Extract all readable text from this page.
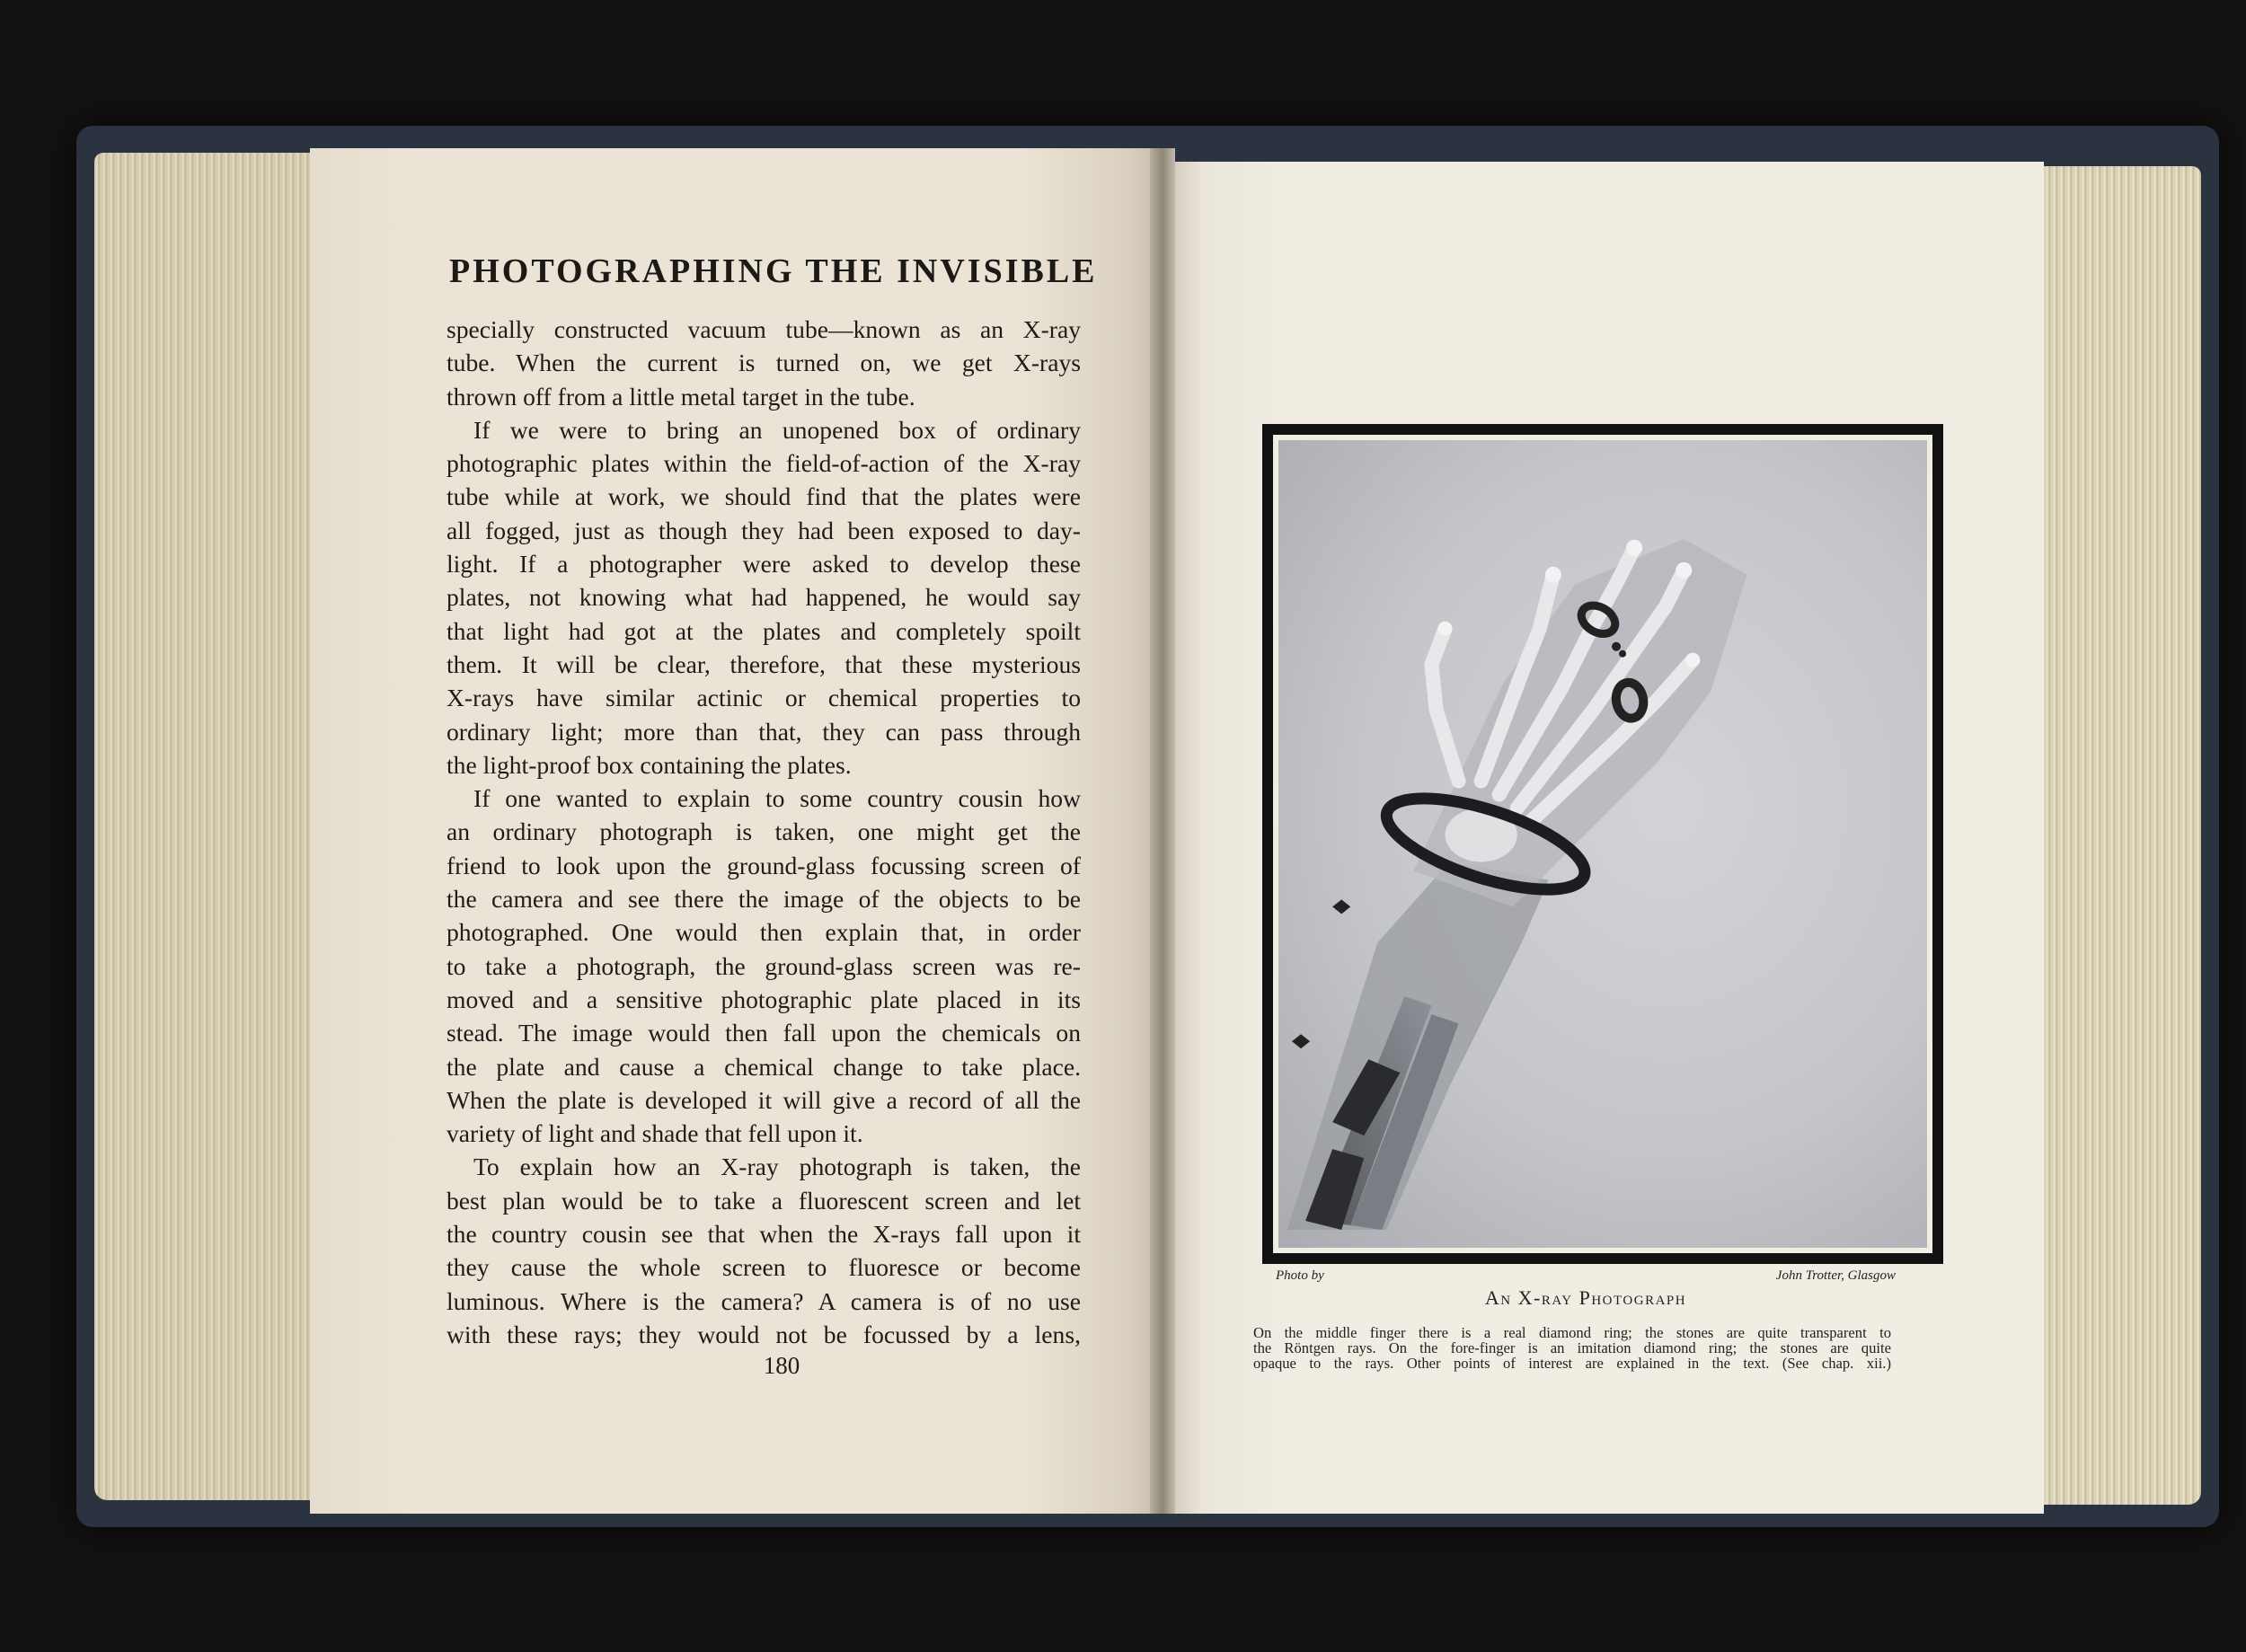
PHOTOGRAPHING THE INVISIBLE
specially constructed vacuum tube—known as an X-ray
tube. When the current is turned on, we get X-rays
thrown off from a little metal target in the tube.
If we were to bring an unopened box of ordinary
photographic plates within the field-of-action of the X-ray
tube while at work, we should find that the plates were
all fogged, just as though they had been exposed to day-
light. If a photographer were asked to develop these
plates, not knowing what had happened, he would say
that light had got at the plates and completely spoilt
them. It will be clear, therefore, that these mysterious
X-rays have similar actinic or chemical properties to
ordinary light; more than that, they can pass through
the light-proof box containing the plates.
If one wanted to explain to some country cousin how
an ordinary photograph is taken, one might get the
friend to look upon the ground-glass focussing screen of
the camera and see there the image of the objects to be
photographed. One would then explain that, in order
to take a photograph, the ground-glass screen was re-
moved and a sensitive photographic plate placed in its
stead. The image would then fall upon the chemicals on
the plate and cause a chemical change to take place.
When the plate is developed it will give a record of all the
variety of light and shade that fell upon it.
To explain how an X-ray photograph is taken, the
best plan would be to take a fluorescent screen and let
the country cousin see that when the X-rays fall upon it
they cause the whole screen to fluoresce or become
luminous. Where is the camera? A camera is of no use
with these rays; they would not be focussed by a lens,
180
Photo by	John Trotter, Glasgow
An X-ray Photograph
On the middle finger there is a real diamond ring; the stones are quite transparent to
the Röntgen rays. On the fore-finger is an imitation diamond ring; the stones are quite
opaque to the rays. Other points of interest are explained in the text. (See chap. xii.)
